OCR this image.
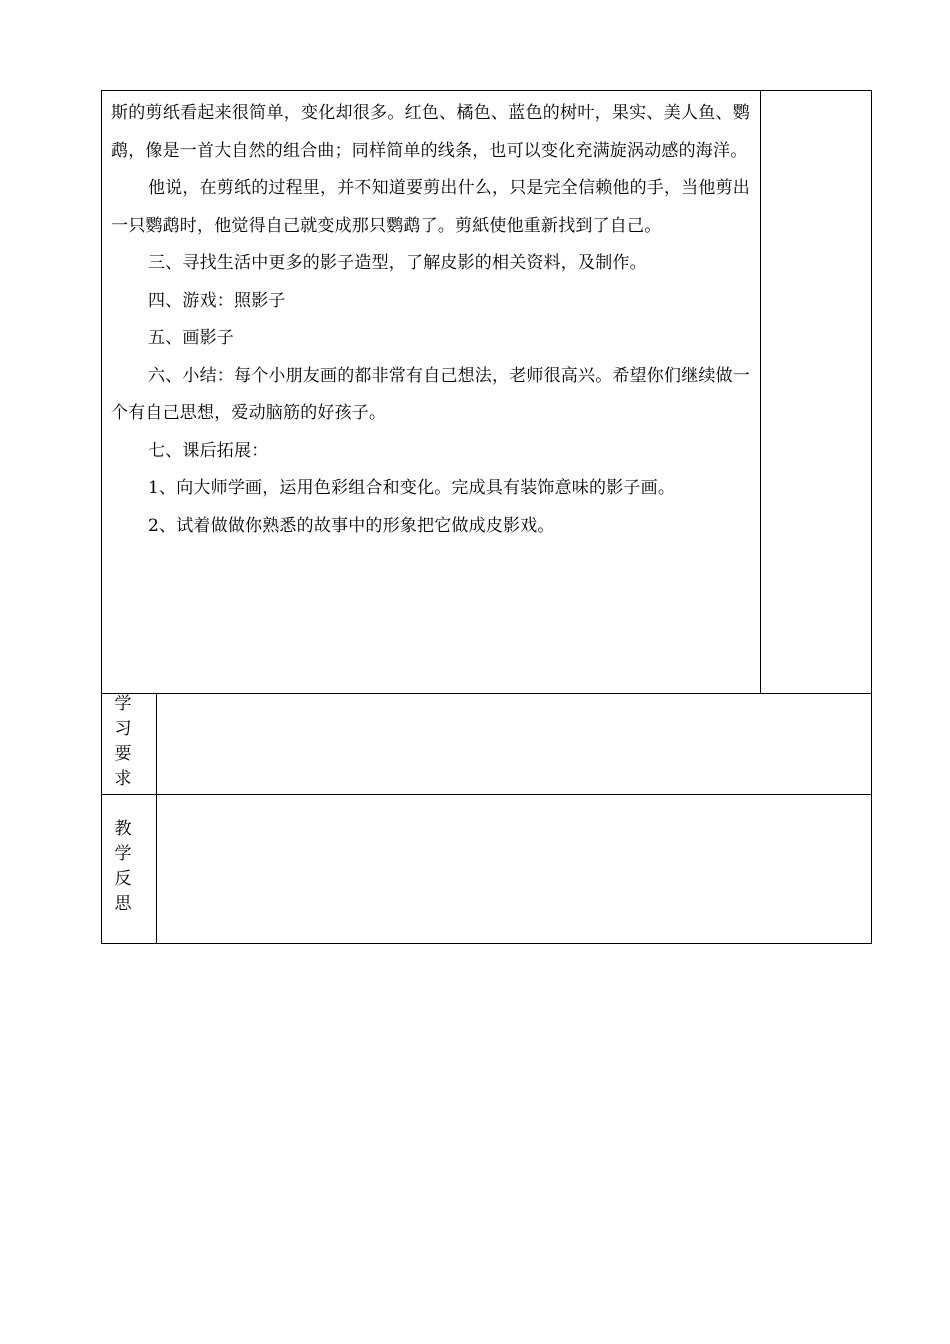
斯的剪纸看起来很简单，变化却很多。红色、橘色、蓝色的树叶，果实、美人鱼、鹦鹉，像是一首大自然的组合曲；同样简单的线条，也可以变化充满旋涡动感的海洋。

他说，在剪纸的过程里，并不知道要剪出什么，只是完全信赖他的手，当他剪出一只鹦鹉时，他觉得自己就变成那只鹦鹉了。剪紙使他重新找到了自己。

三、寻找生活中更多的影子造型，了解皮影的相关资料，及制作。

四、游戏：照影子

五、画影子

六、小结：每个小朋友画的都非常有自己想法，老师很高兴。希望你们继续做一个有自己思想，爱动脑筋的好孩子。

七、课后拓展：

1、向大师学画，运用色彩组合和变化。完成具有装饰意味的影子画。

2、试着做做你熟悉的故事中的形象把它做成皮影戏。

学
习
要
求
教
学
反
思
